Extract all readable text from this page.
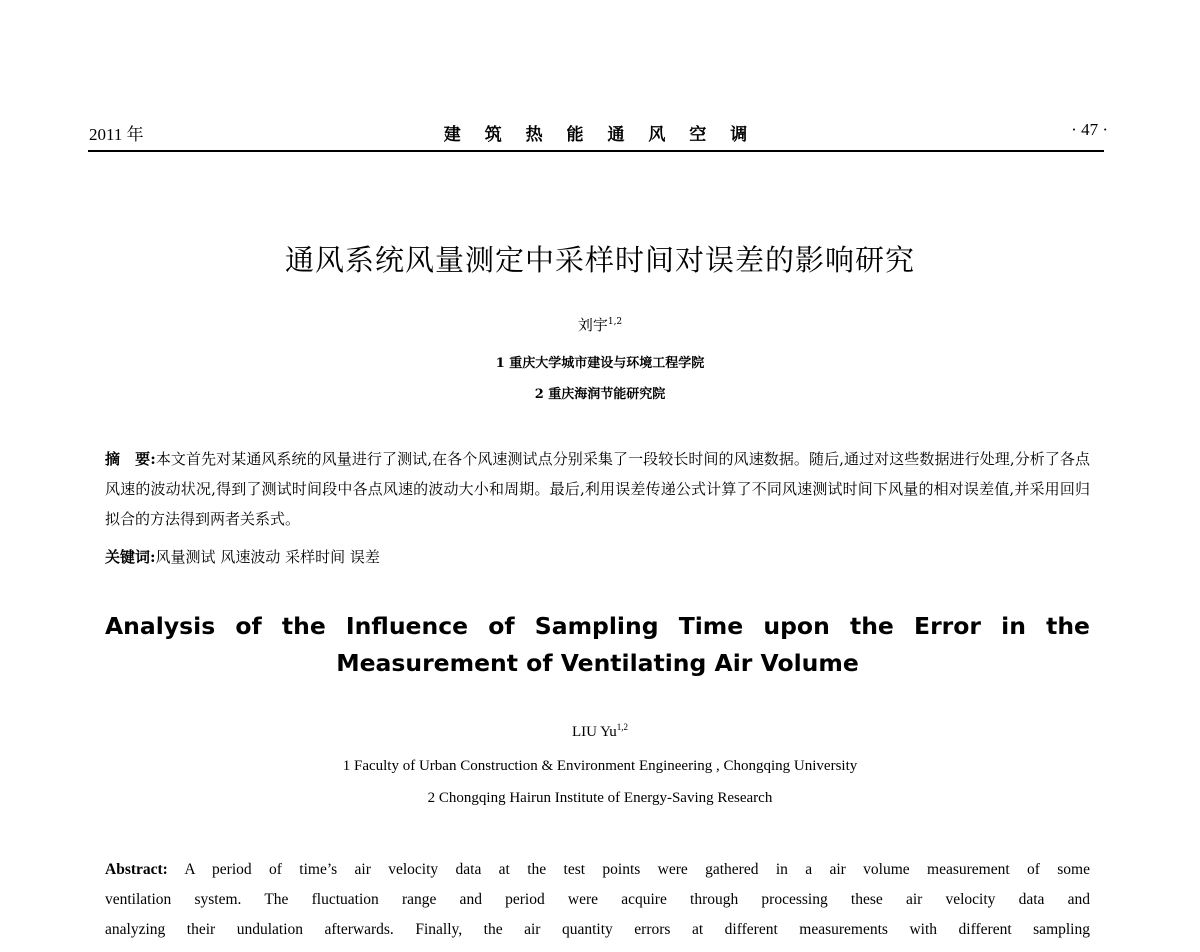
2011 年	建 筑 热 能 通 风 空 调	· 47 ·
通风系统风量测定中采样时间对误差的影响研究
刘宇$^{1,2}$
1 重庆大学城市建设与环境工程学院
2 重庆海润节能研究院
摘　要:本文首先对某通风系统的风量进行了测试,在各个风速测试点分别采集了一段较长时间的风速数据。随后,通过对这些数据进行处理,分析了各点风速的波动状况,得到了测试时间段中各点风速的波动大小和周期。最后,利用误差传递公式计算了不同风速测试时间下风量的相对误差值,并采用回归拟合的方法得到两者关系式。
关键词:风量测试 风速波动 采样时间 误差
Analysis of the Influence of Sampling Time upon the Error in the
Measurement of Ventilating Air Volume
LIU Yu$^{1,2}$
1 Faculty of Urban Construction & Environment Engineering , Chongqing University
2 Chongqing Hairun Institute of Energy-Saving Research
Abstract: A period of time’s air velocity data at the test points were gathered in a air volume measurement of some
ventilation system. The fluctuation range and period were acquire through processing these air velocity data and
analyzing their undulation afterwards. Finally, the air quantity errors at different measurements with different sampling
